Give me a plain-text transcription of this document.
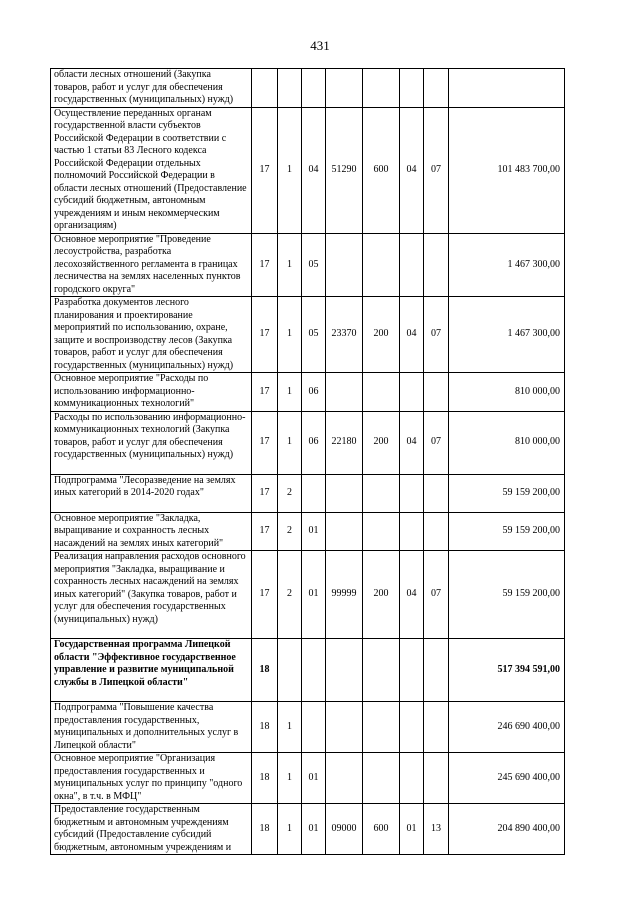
431
области лесных отношений (Закупка товаров, работ и услуг для обеспечения государственных (муниципальных) нужд)								
Осуществление переданных органам государственной власти субъектов Российской Федерации в соответствии с частью 1 статьи 83 Лесного кодекса Российской Федерации отдельных полномочий Российской Федерации в области лесных отношений (Предоставление субсидий бюджетным, автономным учреждениям и иным некоммерческим организациям)	17	1	04	51290	600	04	07	101 483 700,00
Основное мероприятие "Проведение лесоустройства, разработка лесохозяйственного регламента в границах лесничества на землях населенных пунктов городского округа"	17	1	05					1 467 300,00
Разработка документов лесного планирования и проектирование мероприятий по использованию, охране, защите и воспроизводству лесов (Закупка товаров, работ и услуг для обеспечения государственных (муниципальных) нужд)	17	1	05	23370	200	04	07	1 467 300,00
Основное мероприятие "Расходы по использованию информационно-коммуникационных технологий"	17	1	06					810 000,00
Расходы по использованию информационно-коммуникационных технологий (Закупка товаров, работ и услуг для обеспечения государственных (муниципальных) нужд)	17	1	06	22180	200	04	07	810 000,00
Подпрограмма "Лесоразведение на землях иных категорий в 2014-2020 годах"	17	2						59 159 200,00
Основное мероприятие "Закладка, выращивание и сохранность лесных насаждений на землях иных категорий"	17	2	01					59 159 200,00
Реализация направления расходов основного мероприятия "Закладка, выращивание и сохранность лесных насаждений на землях иных категорий" (Закупка товаров, работ и услуг для обеспечения государственных (муниципальных) нужд)	17	2	01	99999	200	04	07	59 159 200,00
Государственная программа Липецкой области "Эффективное государственное управление и развитие муниципальной службы в Липецкой области"	18							517 394 591,00
Подпрограмма "Повышение качества предоставления государственных, муниципальных и дополнительных услуг в Липецкой области"	18	1						246 690 400,00
Основное мероприятие "Организация предоставления государственных и муниципальных услуг по принципу "одного окна", в т.ч. в МФЦ"	18	1	01					245 690 400,00
Предоставление государственным бюджетным и автономным учреждениям субсидий (Предоставление субсидий бюджетным, автономным учреждениям и	18	1	01	09000	600	01	13	204 890 400,00
